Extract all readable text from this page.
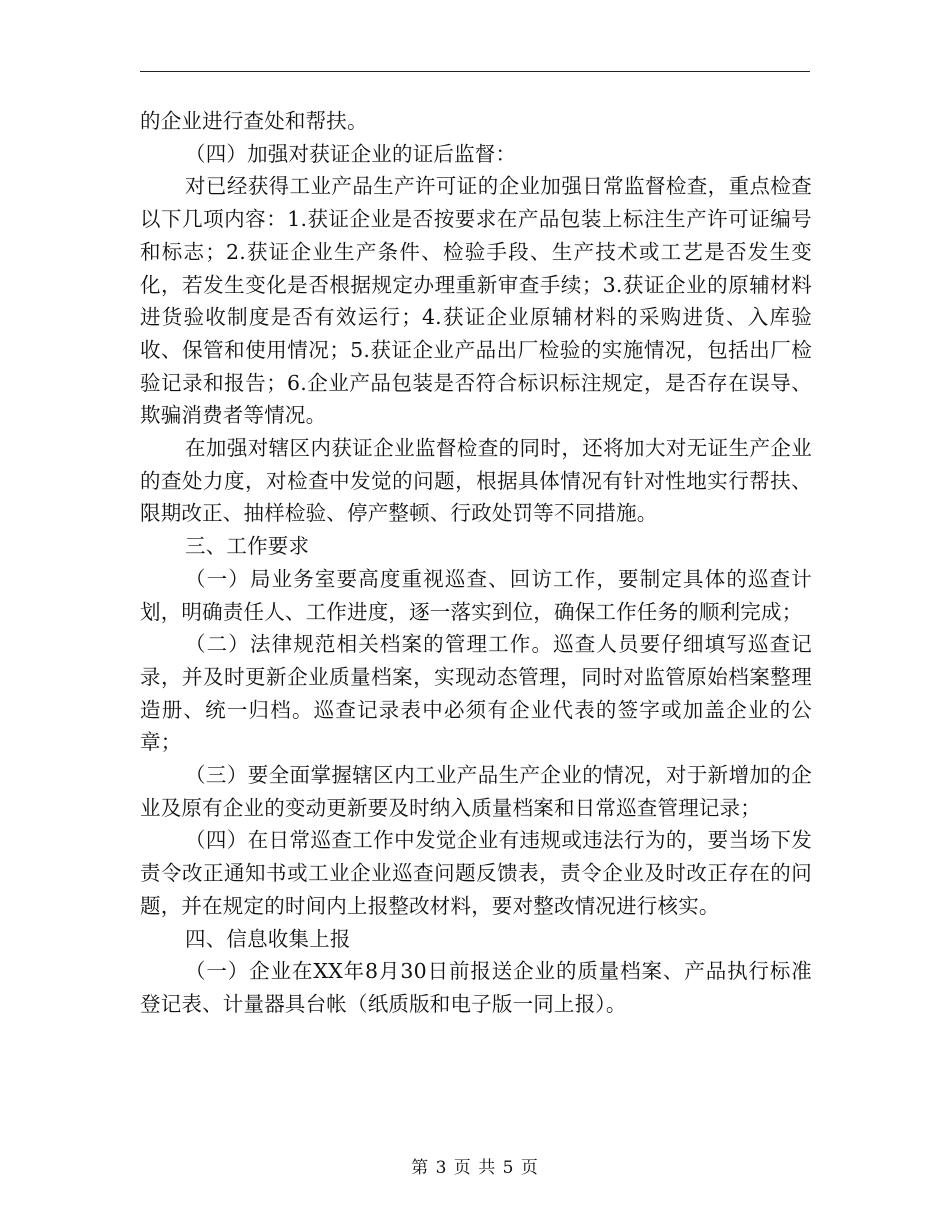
的企业进行查处和帮扶。

（四）加强对获证企业的证后监督：

对已经获得工业产品生产许可证的企业加强日常监督检查，重点检查以下几项内容：1.获证企业是否按要求在产品包装上标注生产许可证编号和标志；2.获证企业生产条件、检验手段、生产技术或工艺是否发生变化，若发生变化是否根据规定办理重新审查手续；3.获证企业的原辅材料进货验收制度是否有效运行；4.获证企业原辅材料的采购进货、入库验收、保管和使用情况；5.获证企业产品出厂检验的实施情况，包括出厂检验记录和报告；6.企业产品包装是否符合标识标注规定，是否存在误导、欺骗消费者等情况。

在加强对辖区内获证企业监督检查的同时，还将加大对无证生产企业的查处力度，对检查中发觉的问题，根据具体情况有针对性地实行帮扶、限期改正、抽样检验、停产整顿、行政处罚等不同措施。

三、工作要求

（一）局业务室要高度重视巡查、回访工作，要制定具体的巡查计划，明确责任人、工作进度，逐一落实到位，确保工作任务的顺利完成；

（二）法律规范相关档案的管理工作。巡查人员要仔细填写巡查记录，并及时更新企业质量档案，实现动态管理，同时对监管原始档案整理造册、统一归档。巡查记录表中必须有企业代表的签字或加盖企业的公章；

（三）要全面掌握辖区内工业产品生产企业的情况，对于新增加的企业及原有企业的变动更新要及时纳入质量档案和日常巡查管理记录；

（四）在日常巡查工作中发觉企业有违规或违法行为的，要当场下发责令改正通知书或工业企业巡查问题反馈表，责令企业及时改正存在的问题，并在规定的时间内上报整改材料，要对整改情况进行核实。

四、信息收集上报

（一）企业在XX年8月30日前报送企业的质量档案、产品执行标准登记表、计量器具台帐（纸质版和电子版一同上报）。

第 3 页 共 5 页
